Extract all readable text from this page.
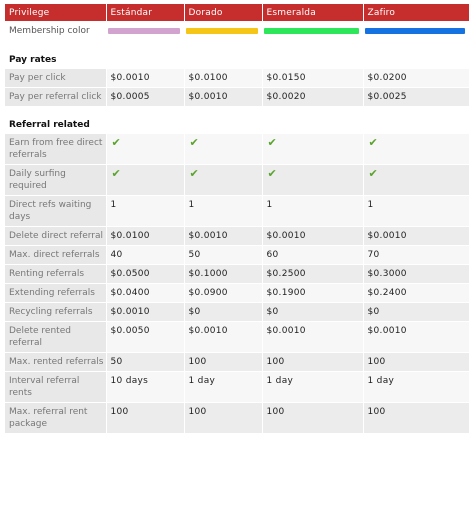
Privilege	Estándar	Dorado	Esmeralda	Zafiro
Membership color	

Pay rates				
Pay per click	$0.0010	$0.0100	$0.0150	$0.0200
Pay per referral click	$0.0005	$0.0010	$0.0020	$0.0025

Referral related				
Earn from free direct referrals	✔	✔	✔	✔
Daily surfing required	✔	✔	✔	✔
Direct refs waiting days	1	1	1	1
Delete direct referral	$0.0100	$0.0010	$0.0010	$0.0010
Max. direct referrals	40	50	60	70
Renting referrals	$0.0500	$0.1000	$0.2500	$0.3000
Extending referrals	$0.0400	$0.0900	$0.1900	$0.2400
Recycling referrals	$0.0010	$0	$0	$0
Delete rented referral	$0.0050	$0.0010	$0.0010	$0.0010
Max. rented referrals	50	100	100	100
Interval referral rents	10 days	1 day	1 day	1 day
Max. referral rent package	100	100	100	100
